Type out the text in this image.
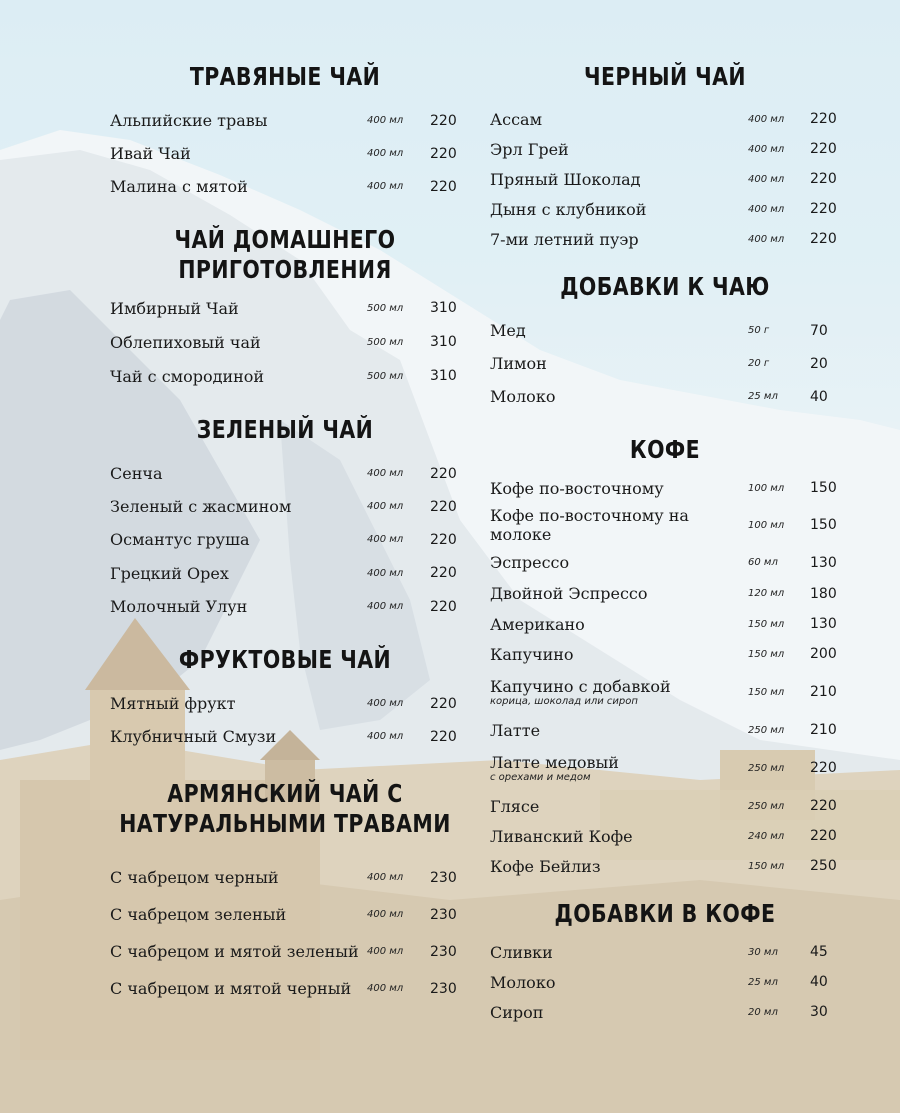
ТРАВЯНЫЕ ЧАЙ
Альпийские травы	400 мл 220
Ивай Чай	400 мл 220
Малина с мятой	400 мл 220
ЧАЙ ДОМАШНЕГО
ПРИГОТОВЛЕНИЯ
Имбирный Чай	500 мл 310
Облепиховый чай	500 мл 310
Чай с смородиной	500 мл 310
ЗЕЛЕНЫЙ ЧАЙ
Сенча	400 мл 220
Зеленый с жасмином	400 мл 220
Османтус груша	400 мл 220
Грецкий Орех	400 мл 220
Молочный Улун	400 мл 220
ФРУКТОВЫЕ ЧАЙ
Мятный фрукт	400 мл 220
Клубничный Смузи	400 мл 220
АРМЯНСКИЙ ЧАЙ С
НАТУРАЛЬНЫМИ ТРАВАМИ
С чабрецом черный	400 мл 230
С чабрецом зеленый	400 мл 230
С чабрецом и мятой зеленый 400 мл 230
С чабрецом и мятой черный	400 мл 230
ЧЕРНЫЙ ЧАЙ
Ассам	400 мл 220
Эрл Грей	400 мл 220
Пряный Шоколад	400 мл 220
Дыня с клубникой	400 мл 220
7-ми летний пуэр	400 мл 220
ДОБАВКИ К ЧАЮ
Мед	50 г	70
Лимон	20 г	20
Молоко	25 мл 40
КОФЕ
Кофе по-восточному	100 мл 150
Кофе по-восточному на
молоке	100 мл 150
Эспрессо	60 мл 130
Двойной Эспрессо	120 мл 180
Американо	150 мл 130
Капучино	150 мл 200
Капучино с добавкой
корица, шоколад или сироп
150 мл 210
Латте	250 мл 210
Латте медовый
с орехами и медом
250 мл 220
Глясе	250 мл 220
Ливанский Кофе	240 мл 220
Кофе Бейлиз	150 мл 250
ДОБАВКИ В КОФЕ
Сливки	30 мл 45
Молоко	25 мл 40
Сироп	20 мл 30
